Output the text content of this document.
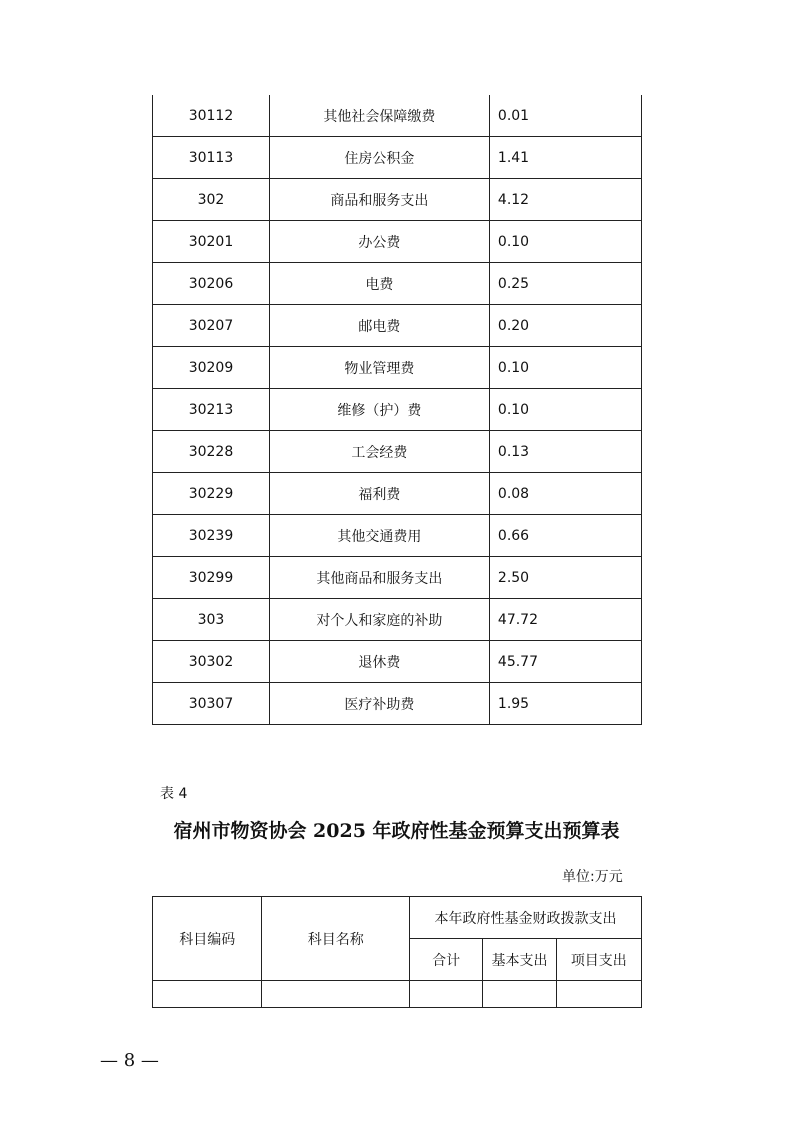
30112	其他社会保障缴费	0.01
30113	住房公积金	1.41
302	商品和服务支出	4.12
30201	办公费	0.10
30206	电费	0.25
30207	邮电费	0.20
30209	物业管理费	0.10
30213	维修（护）费	0.10
30228	工会经费	0.13
30229	福利费	0.08
30239	其他交通费用	0.66
30299	其他商品和服务支出	2.50
303	对个人和家庭的补助	47.72
30302	退休费	45.77
30307	医疗补助费	1.95
表 4
宿州市物资协会 2025 年政府性基金预算支出预算表
单位:万元
科目编码	科目名称	本年政府性基金财政拨款支出		
		合计	基本支出	项目支出

— 8 —
